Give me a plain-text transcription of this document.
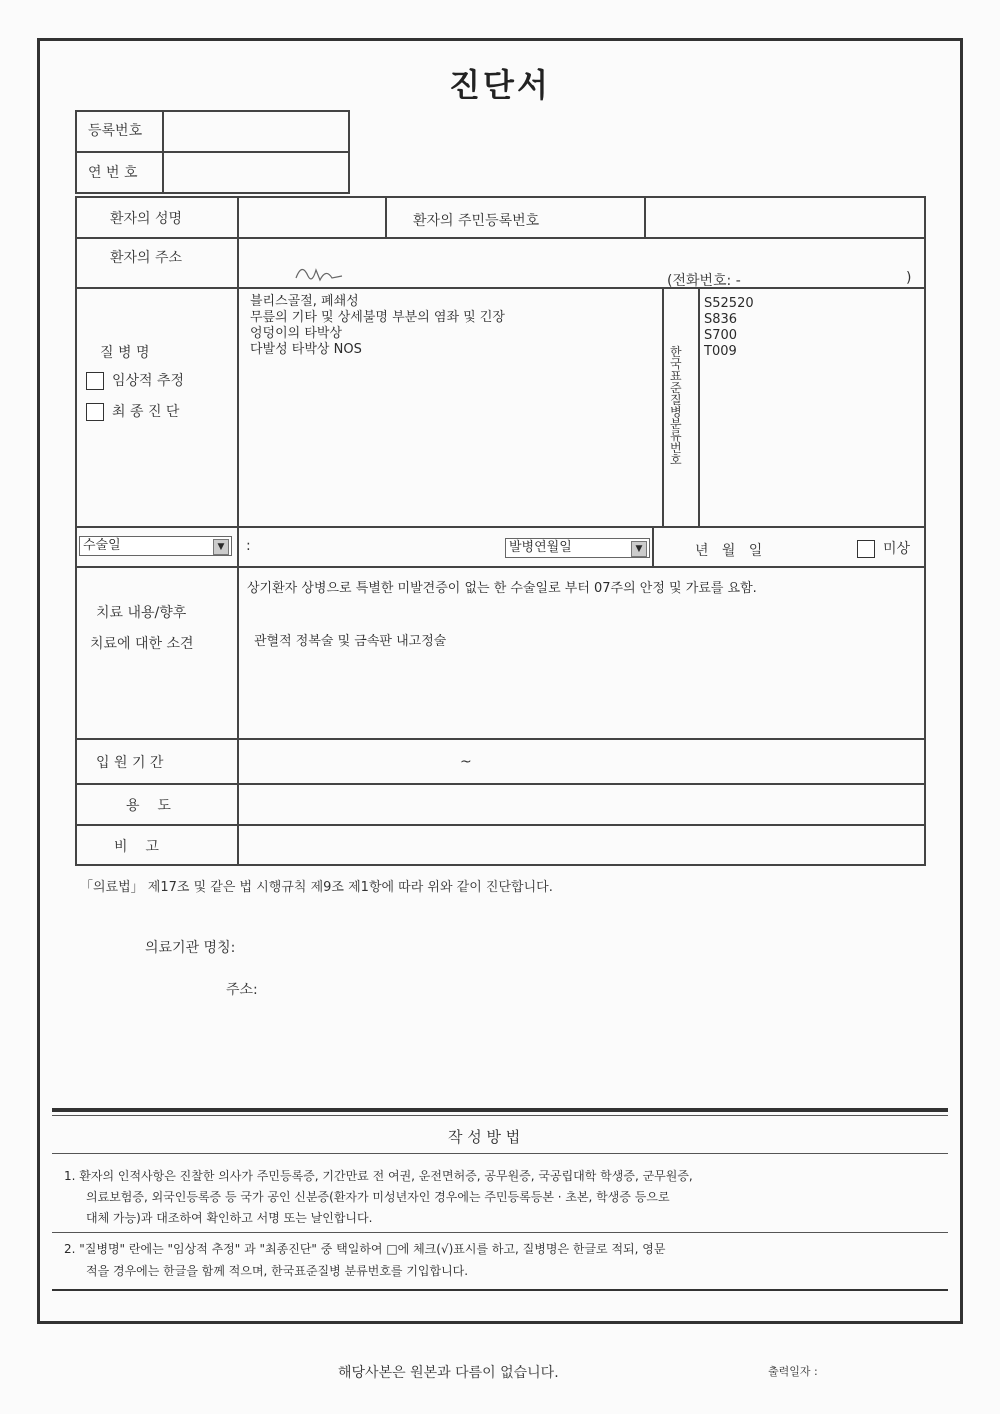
진단서
등록번호
연 번 호
환자의 성명	환자의 주민등록번호
환자의 주소
(전화번호: -	)
질 병 명
임상적 추정
최 종 진 단
블리스골절, 폐쇄성
무릎의 기타 및 상세불명 부분의 염좌 및 긴장
엉덩이의 타박상
다발성 타박상 NOS	한국표준질병분류번호
S52520
S836
S700
T009
수술일	▼	:	발병연월일	▼	년   월   일	미상
치료 내용/향후
치료에 대한 소견
상기환자 상병으로 특별한 미발견증이 없는 한 수술일로 부터 07주의 안정 및 가료를 요함.
관혈적 정복술 및 금속판 내고정술
입 원 기 간	~
용    도
비    고
「의료법」 제17조 및 같은 법 시행규칙 제9조 제1항에 따라 위와 같이 진단합니다.
의료기관 명칭:
주소:
작 성 방 법
1. 환자의 인적사항은 진찰한 의사가 주민등록증, 기간만료 전 여권, 운전면허증, 공무원증, 국공립대학 학생증, 군무원증,
의료보험증, 외국인등록증 등 국가 공인 신분증(환자가 미성년자인 경우에는 주민등록등본 · 초본, 학생증 등으로
대체 가능)과 대조하여 확인하고 서명 또는 날인합니다.
2. "질병명" 란에는 "임상적 추정" 과 "최종진단" 중 택일하여 □에 체크(√)표시를 하고, 질병명은 한글로 적되, 영문
적을 경우에는 한글을 함께 적으며, 한국표준질병 분류번호를 기입합니다.
해당사본은 원본과 다름이 없습니다.	출력일자 :
